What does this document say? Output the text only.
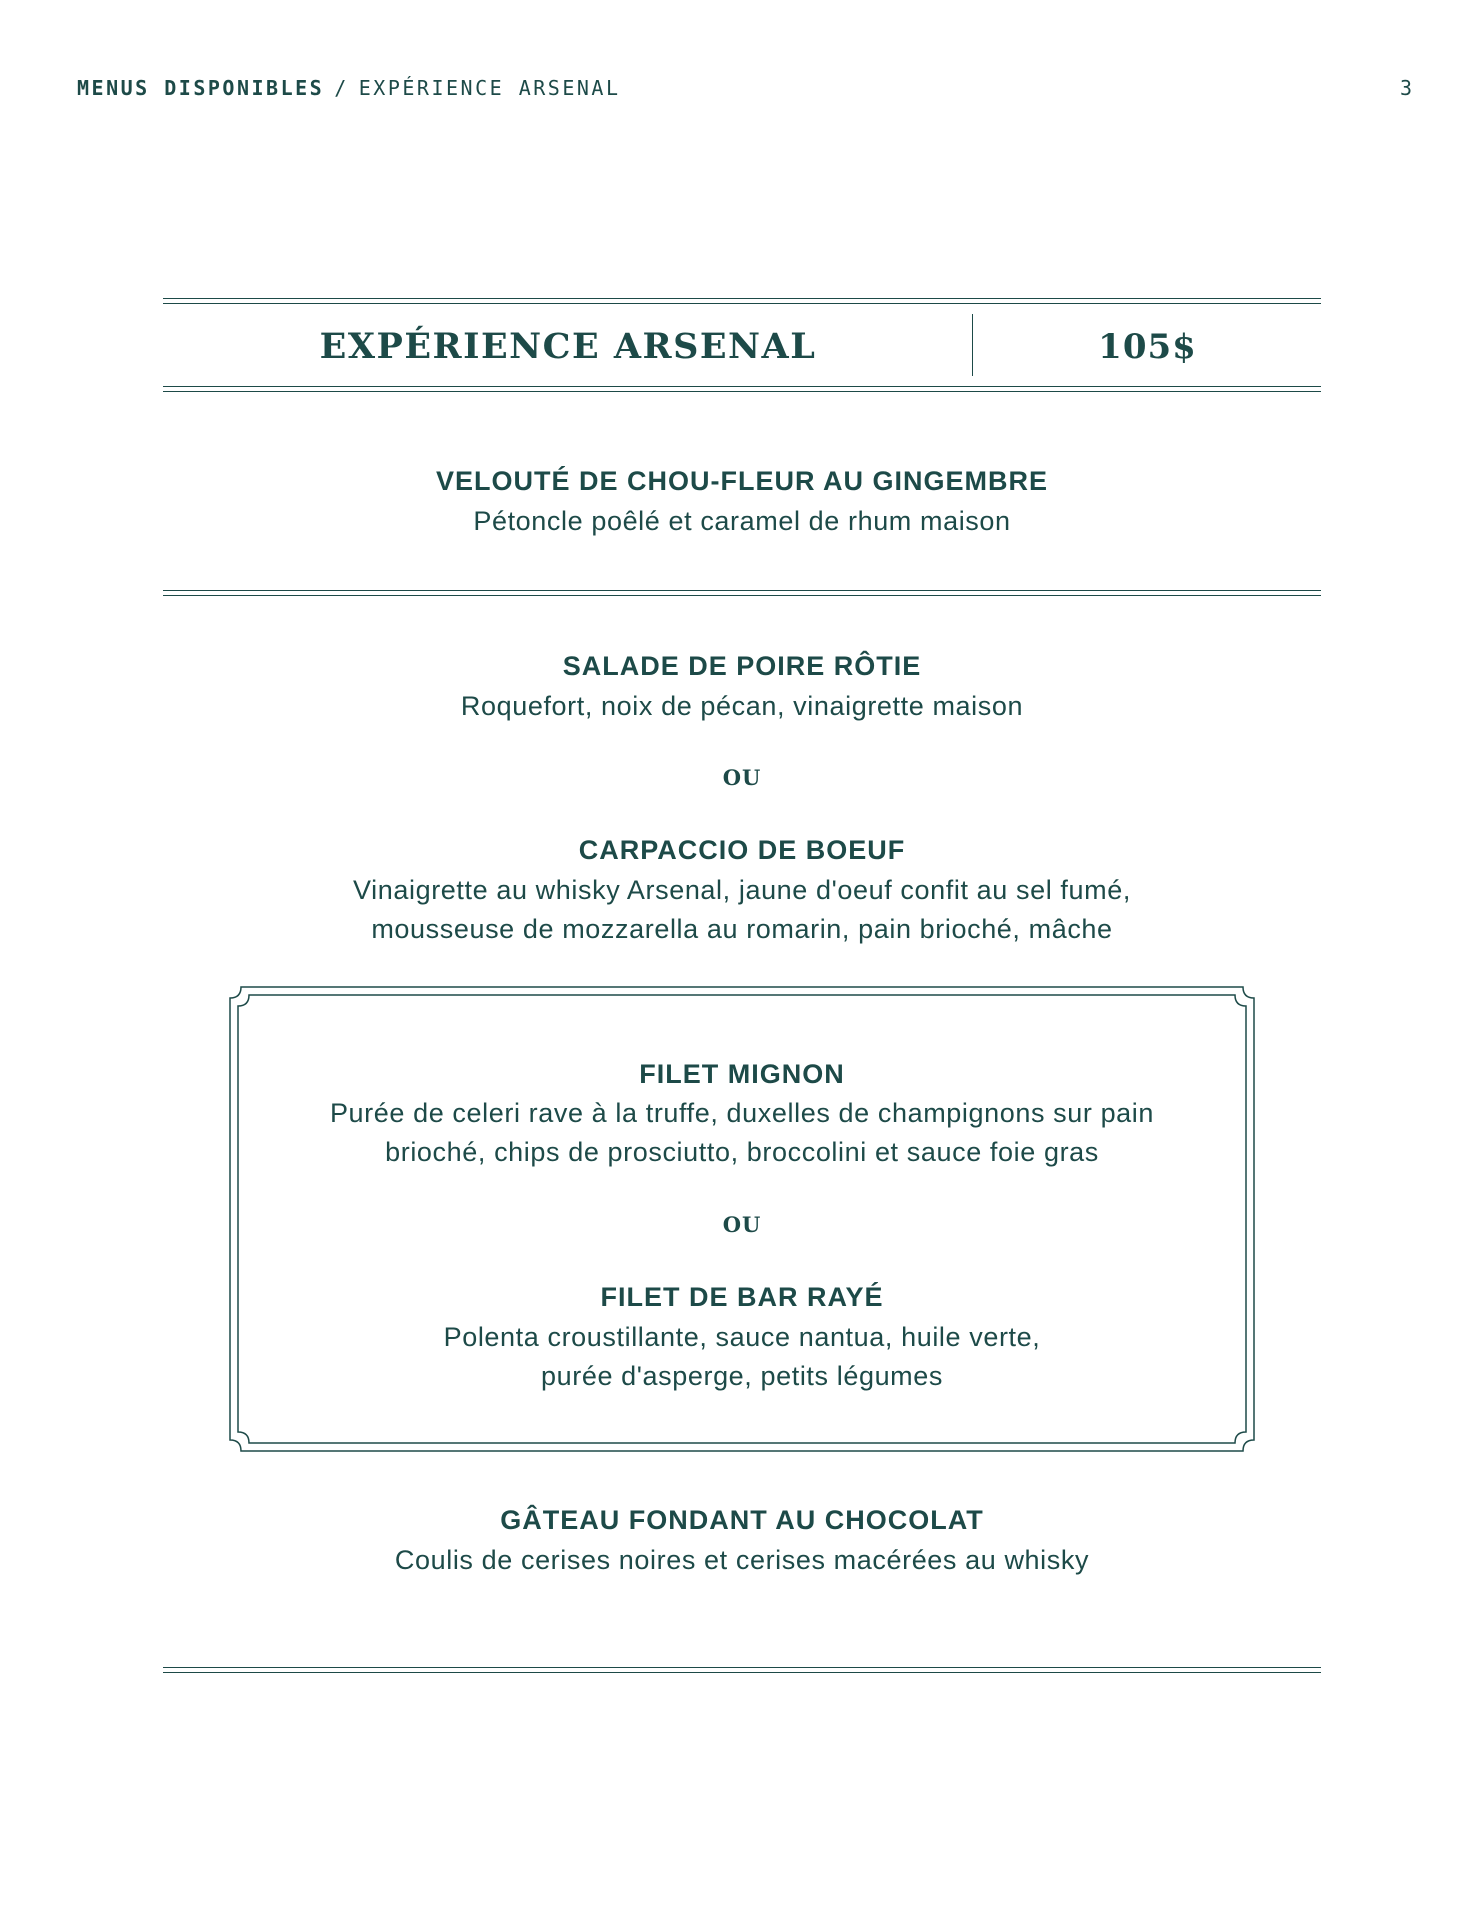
MENUS DISPONIBLES / EXPÉRIENCE ARSENAL	3
EXPÉRIENCE ARSENAL	105$
VELOUTÉ DE CHOU-FLEUR AU GINGEMBRE
Pétoncle poêlé et caramel de rhum maison
SALADE DE POIRE RÔTIE
Roquefort, noix de pécan, vinaigrette maison
OU
CARPACCIO DE BOEUF
Vinaigrette au whisky Arsenal, jaune d'oeuf confit au sel fumé,
mousseuse de mozzarella au romarin, pain brioché, mâche
FILET MIGNON
Purée de celeri rave à la truffe, duxelles de champignons sur pain
brioché, chips de prosciutto, broccolini et sauce foie gras
OU
FILET DE BAR RAYÉ
Polenta croustillante, sauce nantua, huile verte,
purée d'asperge, petits légumes
GÂTEAU FONDANT AU CHOCOLAT
Coulis de cerises noires et cerises macérées au whisky
